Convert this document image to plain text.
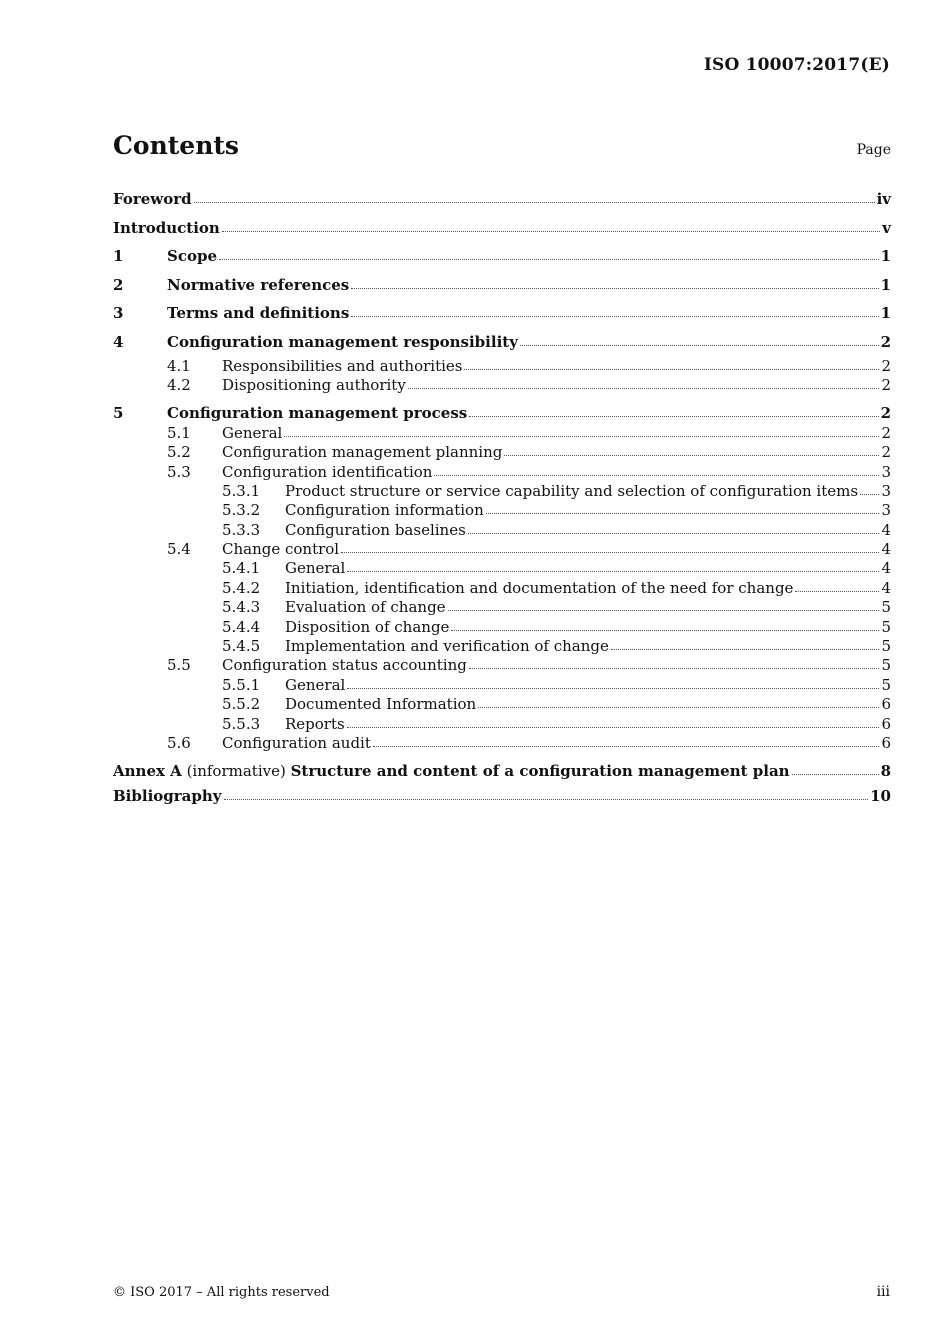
ISO 10007:2017(E)
Contents	Page
Foreword	iv
Introduction	v
1	Scope	1
2	Normative references	1
3	Terms and definitions	1
4	Configuration management responsibility	2
4.1	Responsibilities and authorities	2
4.2	Dispositioning authority	2
5	Configuration management process	2
5.1	General	2
5.2	Configuration management planning	2
5.3	Configuration identification	3
5.3.1	Product structure or service capability and selection of configuration items 3
5.3.2	Configuration information	3
5.3.3	Configuration baselines	4
5.4	Change control	4
5.4.1	General	4
5.4.2	Initiation, identification and documentation of the need for change	4
5.4.3	Evaluation of change	5
5.4.4	Disposition of change	5
5.4.5	Implementation and verification of change	5
5.5	Configuration status accounting	5
5.5.1	General	5
5.5.2	Documented Information	6
5.5.3	Reports	6
5.6	Configuration audit	6
Annex A (informative) Structure and content of a configuration management plan	8
Bibliography	10
© ISO 2017 – All rights reserved	iii
